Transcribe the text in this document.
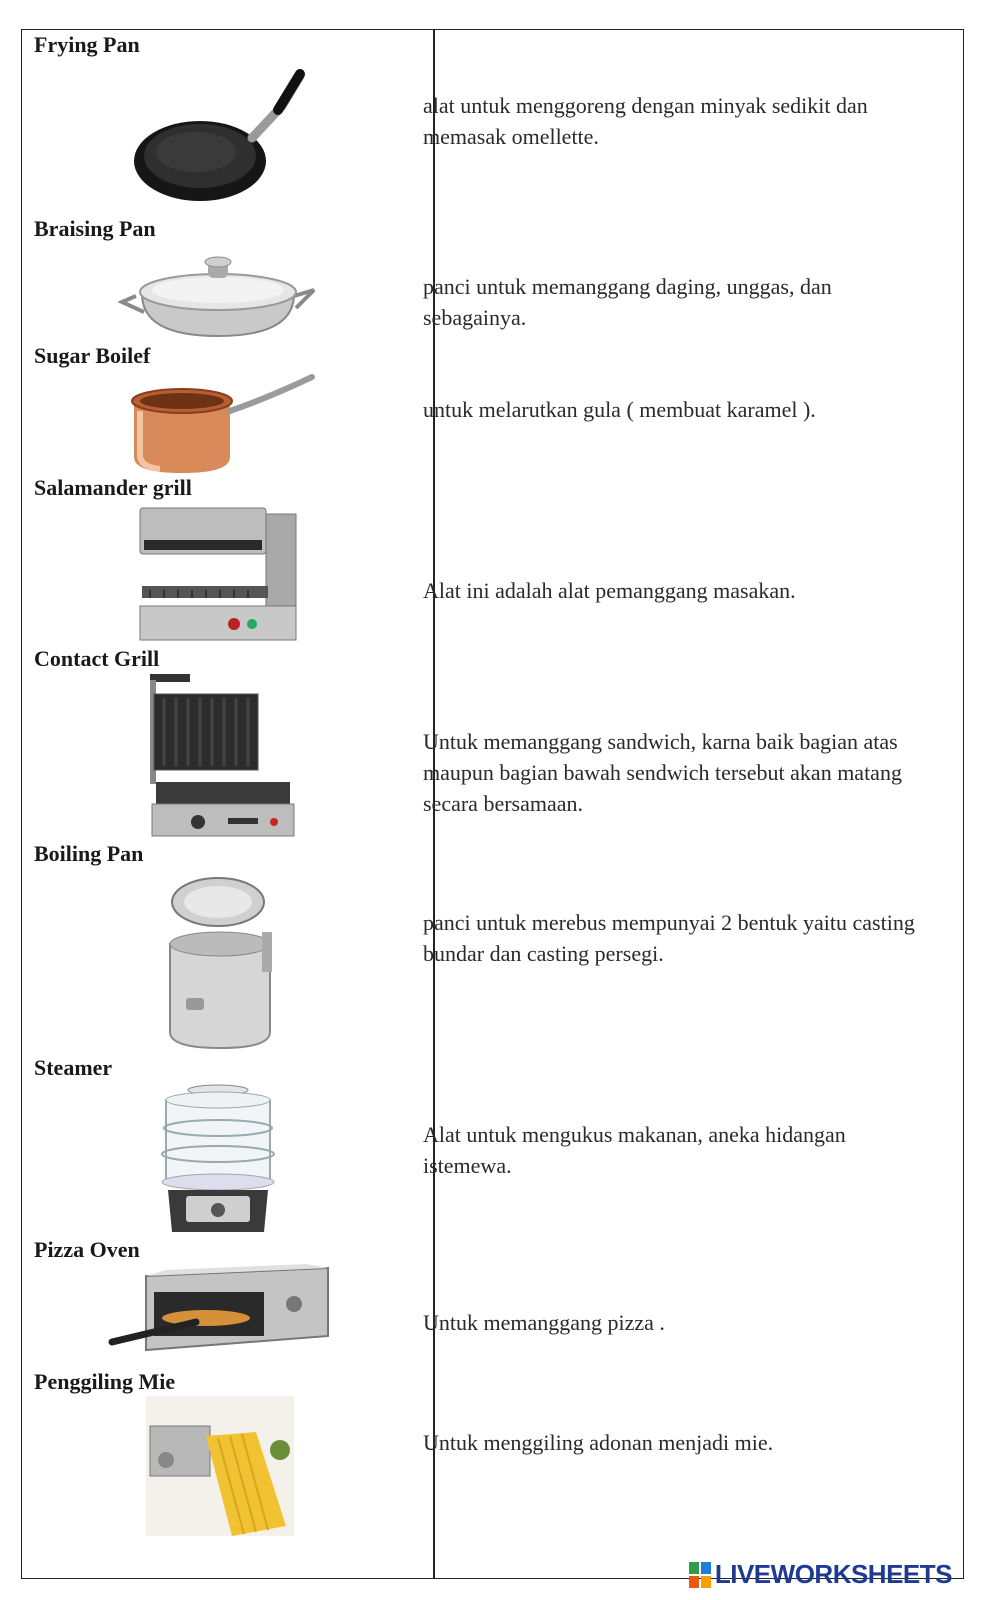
Frying Pan
alat untuk menggoreng dengan minyak sedikit dan memasak omellette.
Braising Pan
panci untuk memanggang daging, unggas, dan sebagainya.
Sugar Boilef
untuk melarutkan gula ( membuat karamel ).
Salamander grill
Alat ini adalah alat pemanggang masakan.
Contact Grill
Untuk memanggang sandwich, karna baik bagian atas maupun bagian bawah sendwich tersebut akan matang secara bersamaan.
Boiling Pan
panci untuk merebus mempunyai 2 bentuk yaitu casting bundar dan casting persegi.
Steamer
Alat untuk mengukus makanan, aneka hidangan istemewa.
Pizza Oven
Untuk memanggang pizza .
Penggiling Mie
Untuk menggiling adonan menjadi mie.
LIVEWORKSHEETS
